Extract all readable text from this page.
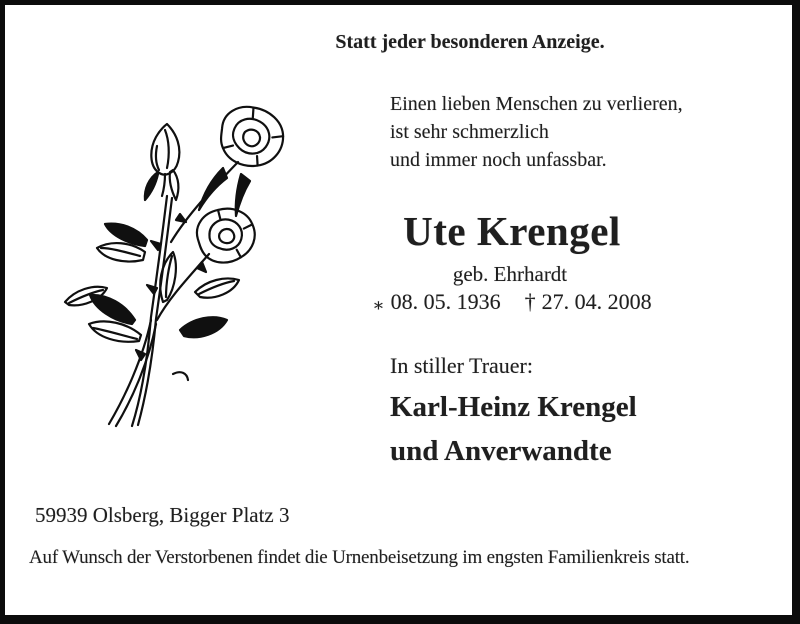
Statt jeder besonderen Anzeige.
Einen lieben Menschen zu verlieren,
ist sehr schmerzlich
und immer noch unfassbar.
Ute Krengel
geb. Ehrhardt
∗ 08. 05. 1936 † 27. 04. 2008
In stiller Trauer:
Karl-Heinz Krengel
und Anverwandte
59939 Olsberg, Bigger Platz 3
Auf Wunsch der Verstorbenen findet die Urnenbeisetzung im engsten Familienkreis statt.
